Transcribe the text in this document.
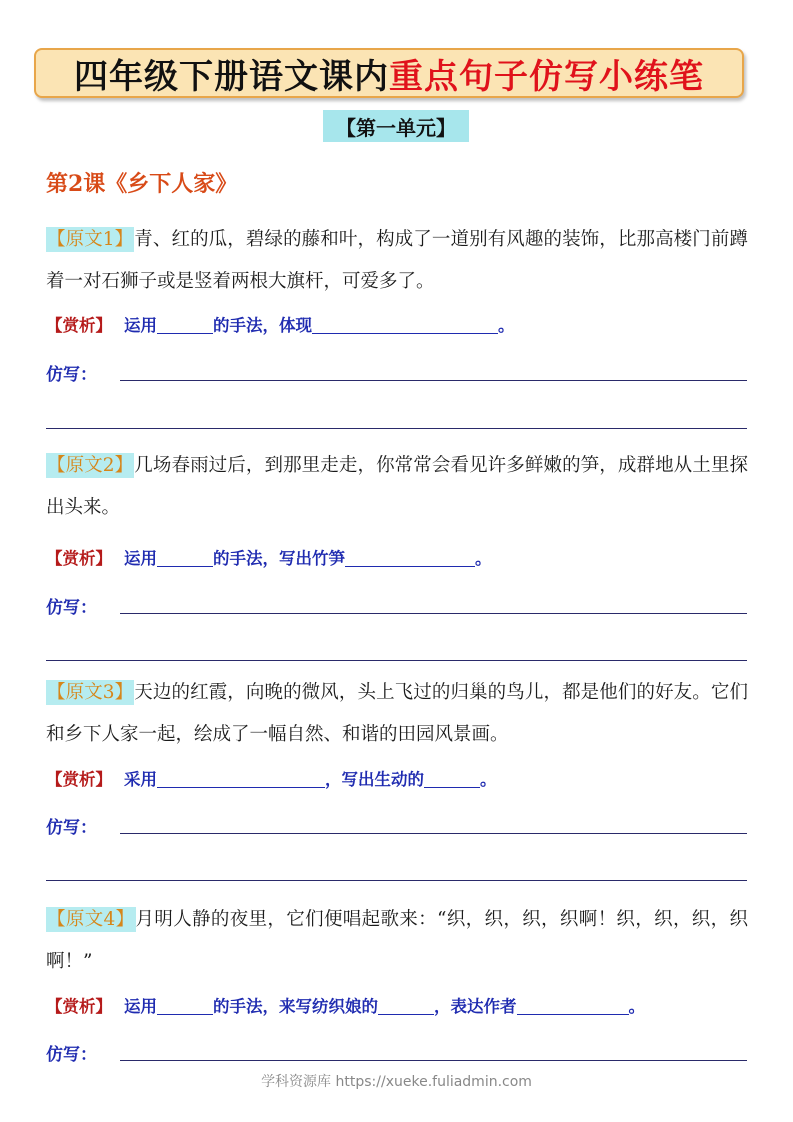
四年级下册语文课内 重点句子仿写小练笔
【第一单元】
第2课《乡下人家》
【原文1】青、红的瓜，碧绿的藤和叶，构成了一道别有风趣的装饰，比那高楼门前蹲着一对石狮子或是竖着两根大旗杆，可爱多了。
【赏析】 运用	的手法，体现	。
仿写：
【原文2】几场春雨过后，到那里走走，你常常会看见许多鲜嫩的笋，成群地从土里探出头来。
【赏析】 运用	的手法，写出竹笋	。
仿写：
【原文3】天边的红霞，向晚的微风，头上飞过的归巢的鸟儿，都是他们的好友。它们和乡下人家一起，绘成了一幅自然、和谐的田园风景画。
【赏析】 采用	，写出生动的	。
仿写：
【原文4】月明人静的夜里，它们便唱起歌来：“织，织，织，织啊！织，织，织，织啊！”
【赏析】 运用	的手法，来写纺织娘的	，表达作者	。
仿写：
学科资源库 https://xueke.fuliadmin.com
